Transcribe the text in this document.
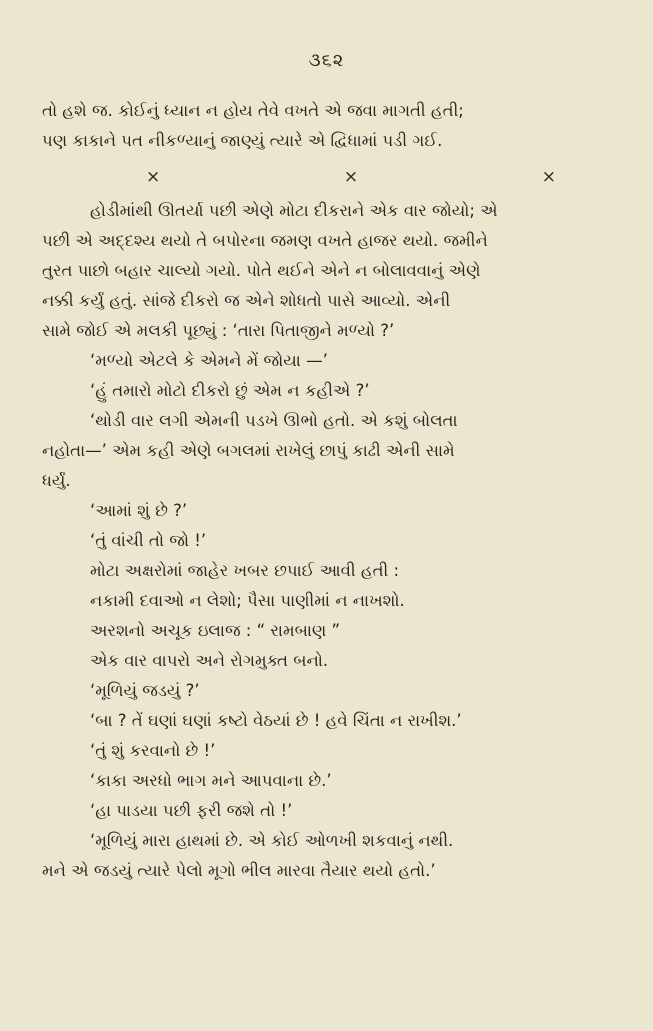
૩૬૨
તો હશે જ. કોઈનું ધ્યાન ન હોય તેવે વખતે એ જવા માગતી હતી;
પણ કાકાને પત નીકળ્યાનું જાણ્યું ત્યારે એ દ્વિધામાં પડી ગઈ.
×	×	×
હોડીમાંથી ઊતર્યા પછી એણે મોટા દીકરાને એક વાર જોયો; એ
પછી એ અદ્દશ્ય થયો તે બપોરના જમણ વખતે હાજર થયો. જમીને
તુરત પાછો બહાર ચાલ્યો ગયો. પોતે થઈને એને ન બોલાવવાનું એણે
નક્કી કર્યું હતું. સાંજે દીકરો જ એને શોધતો પાસે આવ્યો. એની
સામે જોઈ એ મલકી પૂછ્યું : ‘તારા પિતાજીને મળ્યો ?’
‘મળ્યો એટલે કે એમને મેં જોયા —’
‘હું તમારો મોટો દીકરો છું એમ ન કહીએ ?’
‘થોડી વાર લગી એમની પડખે ઊભો હતો. એ કશું બોલતા
નહોતા—’ એમ કહી એણે બગલમાં રાખેલું છાપું કાઢી એની સામે
ધર્યું.
‘આમાં શું છે ?’
‘તું વાંચી તો જો !’
મોટા અક્ષરોમાં જાહેર ખબર છપાઈ આવી હતી :
નકામી દવાઓ ન લેશો; પૈસા પાણીમાં ન નાખશો.
અરશનો અચૂક ઇલાજ : “ રામબાણ ”
એક વાર વાપરો અને રોગમુક્ત બનો.
‘મૂળિયું જડયું ?’
‘બા ? તેં ઘણાં ઘણાં કષ્ટો વેઠયાં છે ! હવે ચિંતા ન રાખીશ.’
‘તું શું કરવાનો છે !’
‘કાકા અરધો ભાગ મને આપવાના છે.’
‘હા પાડયા પછી ફરી જશે તો !’
‘મૂળિયું મારા હાથમાં છે. એ કોઈ ઓળખી શકવાનું નથી.
મને એ જડયું ત્યારે પેલો મૂગો ભીલ મારવા તૈયાર થયો હતો.’
